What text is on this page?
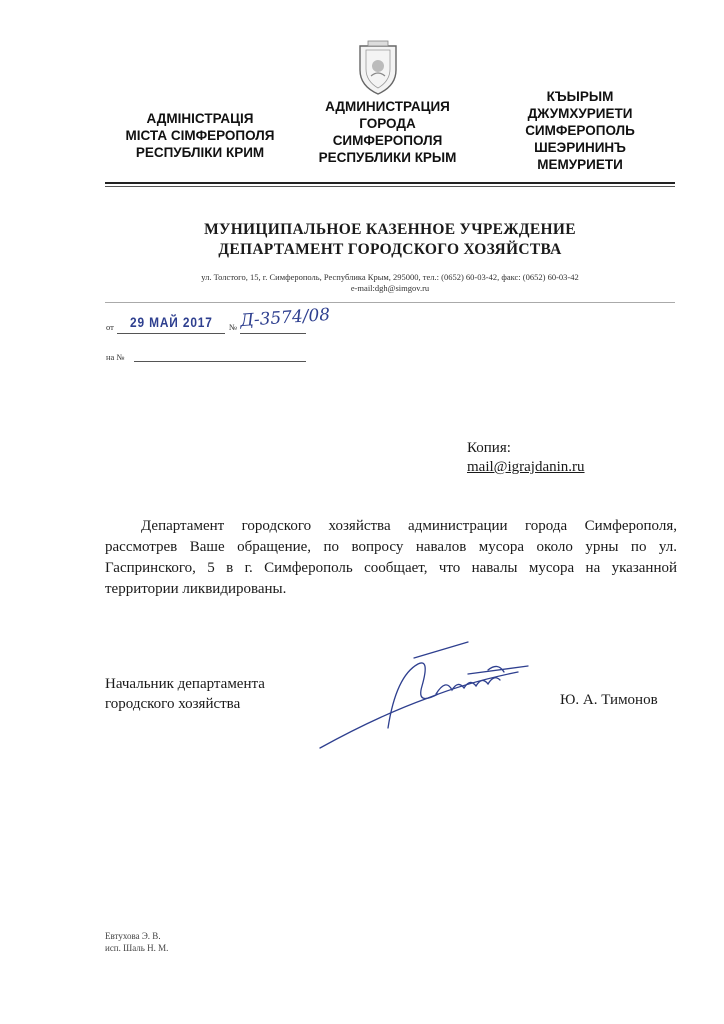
АДМІНІСТРАЦІЯ
МІСТА СІМФЕРОПОЛЯ
РЕСПУБЛІКИ КРИМ
АДМИНИСТРАЦИЯ
ГОРОДА
СИМФЕРОПОЛЯ
РЕСПУБЛИКИ КРЫМ
КЪЫРЫМ
ДЖУМХУРИЕТИ
СИМФЕРОПОЛЬ
ШЕЭРИНИНЪ
МЕМУРИЕТИ
МУНИЦИПАЛЬНОЕ КАЗЕННОЕ УЧРЕЖДЕНИЕ
ДЕПАРТАМЕНТ ГОРОДСКОГО ХОЗЯЙСТВА
ул. Толстого, 15, г. Симферополь, Республика Крым, 295000, тел.: (0652) 60-03-42, факс: (0652) 60-03-42
e-mail:dgh@simgov.ru
от 29 МАЙ 2017 № Д-3574/08
на №
Копия:
mail@igrajdanin.ru
Департамент городского хозяйства администрации города Симферополя, рассмотрев Ваше обращение, по вопросу навалов мусора около урны по ул. Гаспринского, 5 в г. Симферополь сообщает, что навалы мусора на указанной территории ликвидированы.
Начальник департамента
городского хозяйства	Ю. А. Тимонов
Евтухова Э. В.
исп. Шаль Н. М.
